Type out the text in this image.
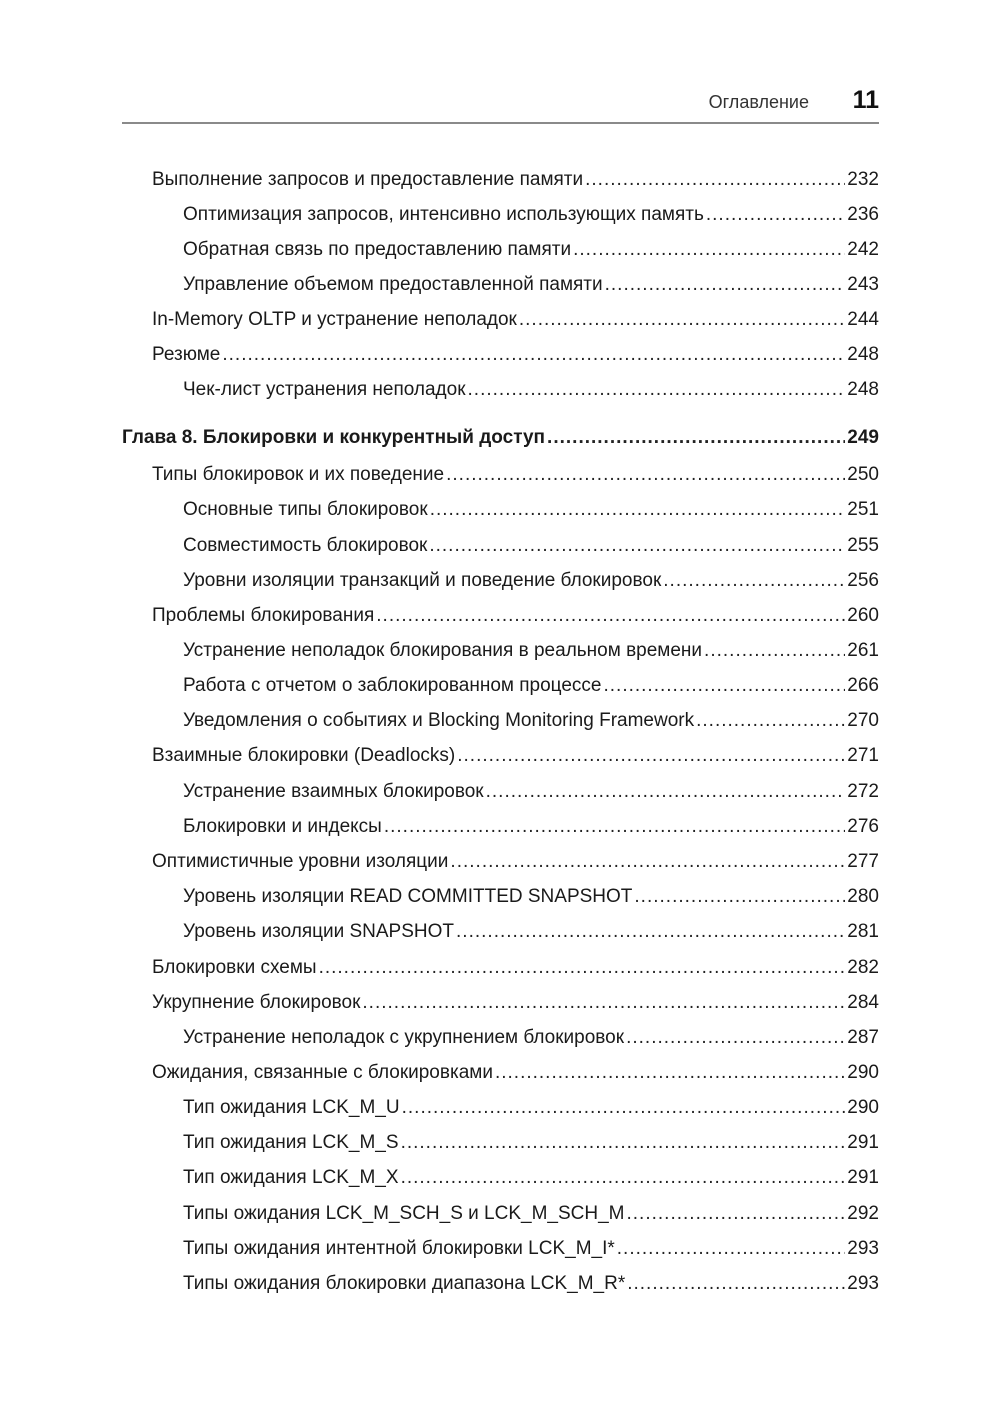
Оглавление 11
Выполнение запросов и предоставление памяти .....	232
Оптимизация запросов, интенсивно использующих память .....	236
Обратная связь по предоставлению памяти .....	242
Управление объемом предоставленной памяти .....	243
In-Memory OLTP и устранение неполадок .....	244
Резюме .....	248
Чек-лист устранения неполадок .....	248
Глава 8. Блокировки и конкурентный доступ .....	249
Типы блокировок и их поведение .....	250
Основные типы блокировок .....	251
Совместимость блокировок .....	255
Уровни изоляции транзакций и поведение блокировок .....	256
Проблемы блокирования .....	260
Устранение неполадок блокирования в реальном времени .....	261
Работа с отчетом о заблокированном процессе .....	266
Уведомления о событиях и Blocking Monitoring Framework .....	270
Взаимные блокировки (Deadlocks) .....	271
Устранение взаимных блокировок .....	272
Блокировки и индексы .....	276
Оптимистичные уровни изоляции .....	277
Уровень изоляции READ COMMITTED SNAPSHOT .....	280
Уровень изоляции SNAPSHOT .....	281
Блокировки схемы .....	282
Укрупнение блокировок .....	284
Устранение неполадок с укрупнением блокировок .....	287
Ожидания, связанные с блокировками .....	290
Тип ожидания LCK_M_U .....	290
Тип ожидания LCK_M_S .....	291
Тип ожидания LCK_M_X .....	291
Типы ожидания LCK_M_SCH_S и LCK_M_SCH_M .....	292
Типы ожидания интентной блокировки LCK_M_I* .....	293
Типы ожидания блокировки диапазона LCK_M_R* .....	293
